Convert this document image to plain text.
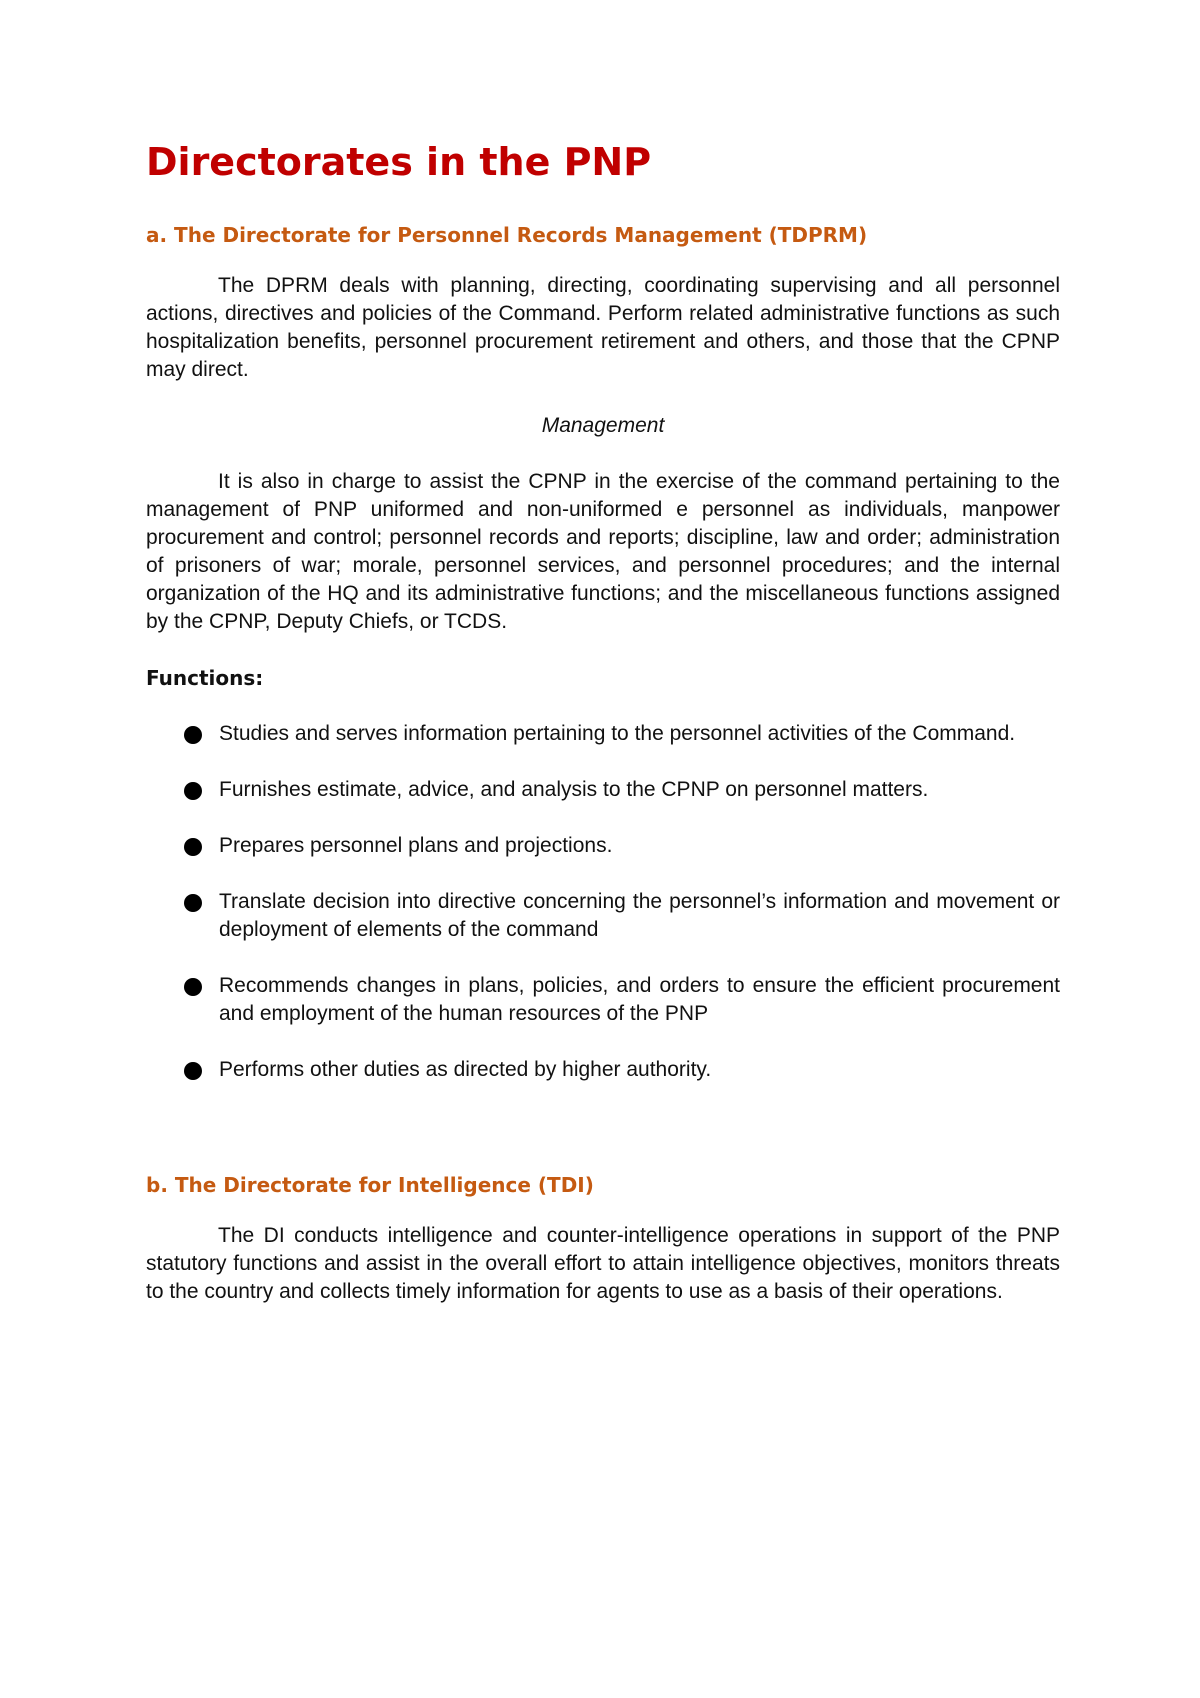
Directorates in the PNP
a. The Directorate for Personnel Records Management (TDPRM)

The DPRM deals with planning, directing, coordinating supervising and all personnel actions, directives and policies of the Command. Perform related administrative functions as such hospitalization benefits, personnel procurement retirement and others, and those that the CPNP may direct.

Management

It is also in charge to assist the CPNP in the exercise of the command pertaining to the management of PNP uniformed and non-uniformed e personnel as individuals, manpower procurement and control; personnel records and reports; discipline, law and order; administration of prisoners of war; morale, personnel services, and personnel procedures; and the internal organization of the HQ and its administrative functions; and the miscellaneous functions assigned by the CPNP, Deputy Chiefs, or TCDS.

Functions:

Studies and serves information pertaining to the personnel activities of the Command.
Furnishes estimate, advice, and analysis to the CPNP on personnel matters.
Prepares personnel plans and projections.
Translate decision into directive concerning the personnel’s information and movement or deployment of elements of the command
Recommends changes in plans, policies, and orders to ensure the efficient procurement and employment of the human resources of the PNP
Performs other duties as directed by higher authority.
b. The Directorate for Intelligence (TDI)

The DI conducts intelligence and counter-intelligence operations in support of the PNP statutory functions and assist in the overall effort to attain intelligence objectives, monitors threats to the country and collects timely information for agents to use as a basis of their operations.
